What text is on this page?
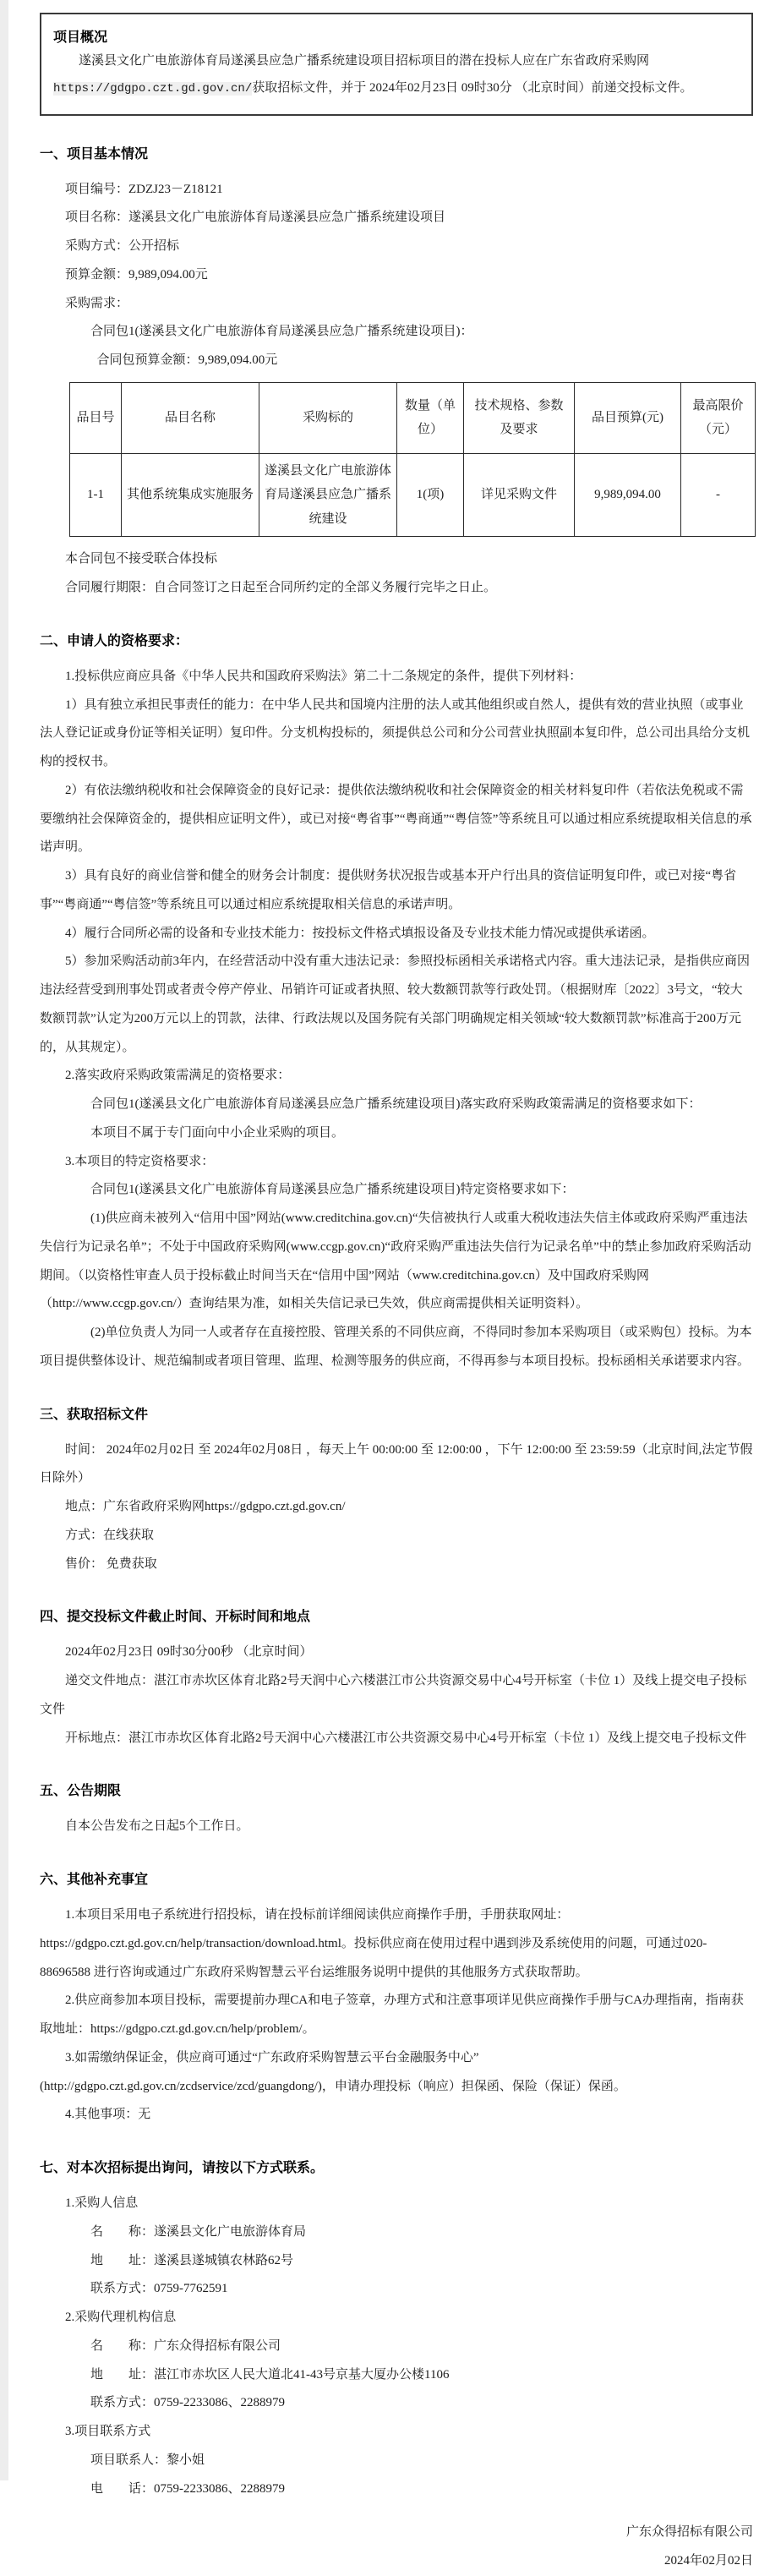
项目概况

遂溪县文化广电旅游体育局遂溪县应急广播系统建设项目招标项目的潜在投标人应在广东省政府采购网https://gdgpo.czt.gd.gov.cn/获取招标文件，并于 2024年02月23日 09时30分 （北京时间）前递交投标文件。

一、项目基本情况

项目编号：ZDZJ23－Z18121

项目名称：遂溪县文化广电旅游体育局遂溪县应急广播系统建设项目

采购方式：公开招标

预算金额：9,989,094.00元

采购需求：

合同包1(遂溪县文化广电旅游体育局遂溪县应急广播系统建设项目)：

合同包预算金额：9,989,094.00元

品目号	品目名称	采购标的	数量（单位）	技术规格、参数及要求	品目预算(元)	最高限价（元）
1-1	其他系统集成实施服务	遂溪县文化广电旅游体育局遂溪县应急广播系统建设	1(项)	详见采购文件	9,989,094.00	-

本合同包不接受联合体投标

合同履行期限：自合同签订之日起至合同所约定的全部义务履行完毕之日止。

二、申请人的资格要求：

1.投标供应商应具备《中华人民共和国政府采购法》第二十二条规定的条件，提供下列材料：

1）具有独立承担民事责任的能力：在中华人民共和国境内注册的法人或其他组织或自然人，提供有效的营业执照（或事业法人登记证或身份证等相关证明）复印件。分支机构投标的，须提供总公司和分公司营业执照副本复印件，总公司出具给分支机构的授权书。

2）有依法缴纳税收和社会保障资金的良好记录：提供依法缴纳税收和社会保障资金的相关材料复印件（若依法免税或不需要缴纳社会保障资金的，提供相应证明文件），或已对接“粤省事”“粤商通”“粤信签”等系统且可以通过相应系统提取相关信息的承诺声明。

3）具有良好的商业信誉和健全的财务会计制度：提供财务状况报告或基本开户行出具的资信证明复印件，或已对接“粤省事”“粤商通”“粤信签”等系统且可以通过相应系统提取相关信息的承诺声明。

4）履行合同所必需的设备和专业技术能力：按投标文件格式填报设备及专业技术能力情况或提供承诺函。

5）参加采购活动前3年内，在经营活动中没有重大违法记录：参照投标函相关承诺格式内容。重大违法记录，是指供应商因违法经营受到刑事处罚或者责令停产停业、吊销许可证或者执照、较大数额罚款等行政处罚。（根据财库〔2022〕3号文，“较大数额罚款”认定为200万元以上的罚款，法律、行政法规以及国务院有关部门明确规定相关领域“较大数额罚款”标准高于200万元的，从其规定）。

2.落实政府采购政策需满足的资格要求：

合同包1(遂溪县文化广电旅游体育局遂溪县应急广播系统建设项目)落实政府采购政策需满足的资格要求如下：

本项目不属于专门面向中小企业采购的项目。

3.本项目的特定资格要求：

合同包1(遂溪县文化广电旅游体育局遂溪县应急广播系统建设项目)特定资格要求如下：

(1)供应商未被列入“信用中国”网站(www.creditchina.gov.cn)“失信被执行人或重大税收违法失信主体或政府采购严重违法失信行为记录名单”；不处于中国政府采购网(www.ccgp.gov.cn)“政府采购严重违法失信行为记录名单”中的禁止参加政府采购活动期间。（以资格性审查人员于投标截止时间当天在“信用中国”网站（www.creditchina.gov.cn）及中国政府采购网（http://www.ccgp.gov.cn/）查询结果为准，如相关失信记录已失效，供应商需提供相关证明资料）。

(2)单位负责人为同一人或者存在直接控股、管理关系的不同供应商，不得同时参加本采购项目（或采购包）投标。为本项目提供整体设计、规范编制或者项目管理、监理、检测等服务的供应商，不得再参与本项目投标。投标函相关承诺要求内容。

三、获取招标文件

时间： 2024年02月02日 至 2024年02月08日 ，每天上午 00:00:00 至 12:00:00 ，下午 12:00:00 至 23:59:59（北京时间,法定节假日除外）

地点：广东省政府采购网https://gdgpo.czt.gd.gov.cn/

方式：在线获取

售价： 免费获取

四、提交投标文件截止时间、开标时间和地点

2024年02月23日 09时30分00秒 （北京时间）

递交文件地点：湛江市赤坎区体育北路2号天润中心六楼湛江市公共资源交易中心4号开标室（卡位 1）及线上提交电子投标文件

开标地点：湛江市赤坎区体育北路2号天润中心六楼湛江市公共资源交易中心4号开标室（卡位 1）及线上提交电子投标文件

五、公告期限

自本公告发布之日起5个工作日。

六、其他补充事宜

1.本项目采用电子系统进行招投标，请在投标前详细阅读供应商操作手册，手册获取网址：https://gdgpo.czt.gd.gov.cn/help/transaction/download.html。投标供应商在使用过程中遇到涉及系统使用的问题，可通过020-88696588 进行咨询或通过广东政府采购智慧云平台运维服务说明中提供的其他服务方式获取帮助。

2.供应商参加本项目投标，需要提前办理CA和电子签章，办理方式和注意事项详见供应商操作手册与CA办理指南，指南获取地址：https://gdgpo.czt.gd.gov.cn/help/problem/。

3.如需缴纳保证金，供应商可通过“广东政府采购智慧云平台金融服务中心”(http://gdgpo.czt.gd.gov.cn/zcdservice/zcd/guangdong/)，申请办理投标（响应）担保函、保险（保证）保函。

4.其他事项：无

七、对本次招标提出询问，请按以下方式联系。

1.采购人信息

名　　称：遂溪县文化广电旅游体育局

地　　址：遂溪县遂城镇农林路62号

联系方式：0759-7762591

2.采购代理机构信息

名　　称：广东众得招标有限公司

地　　址：湛江市赤坎区人民大道北41-43号京基大厦办公楼1106

联系方式：0759-2233086、2288979

3.项目联系方式

项目联系人：黎小姐

电　　话：0759-2233086、2288979

广东众得招标有限公司

2024年02月02日
